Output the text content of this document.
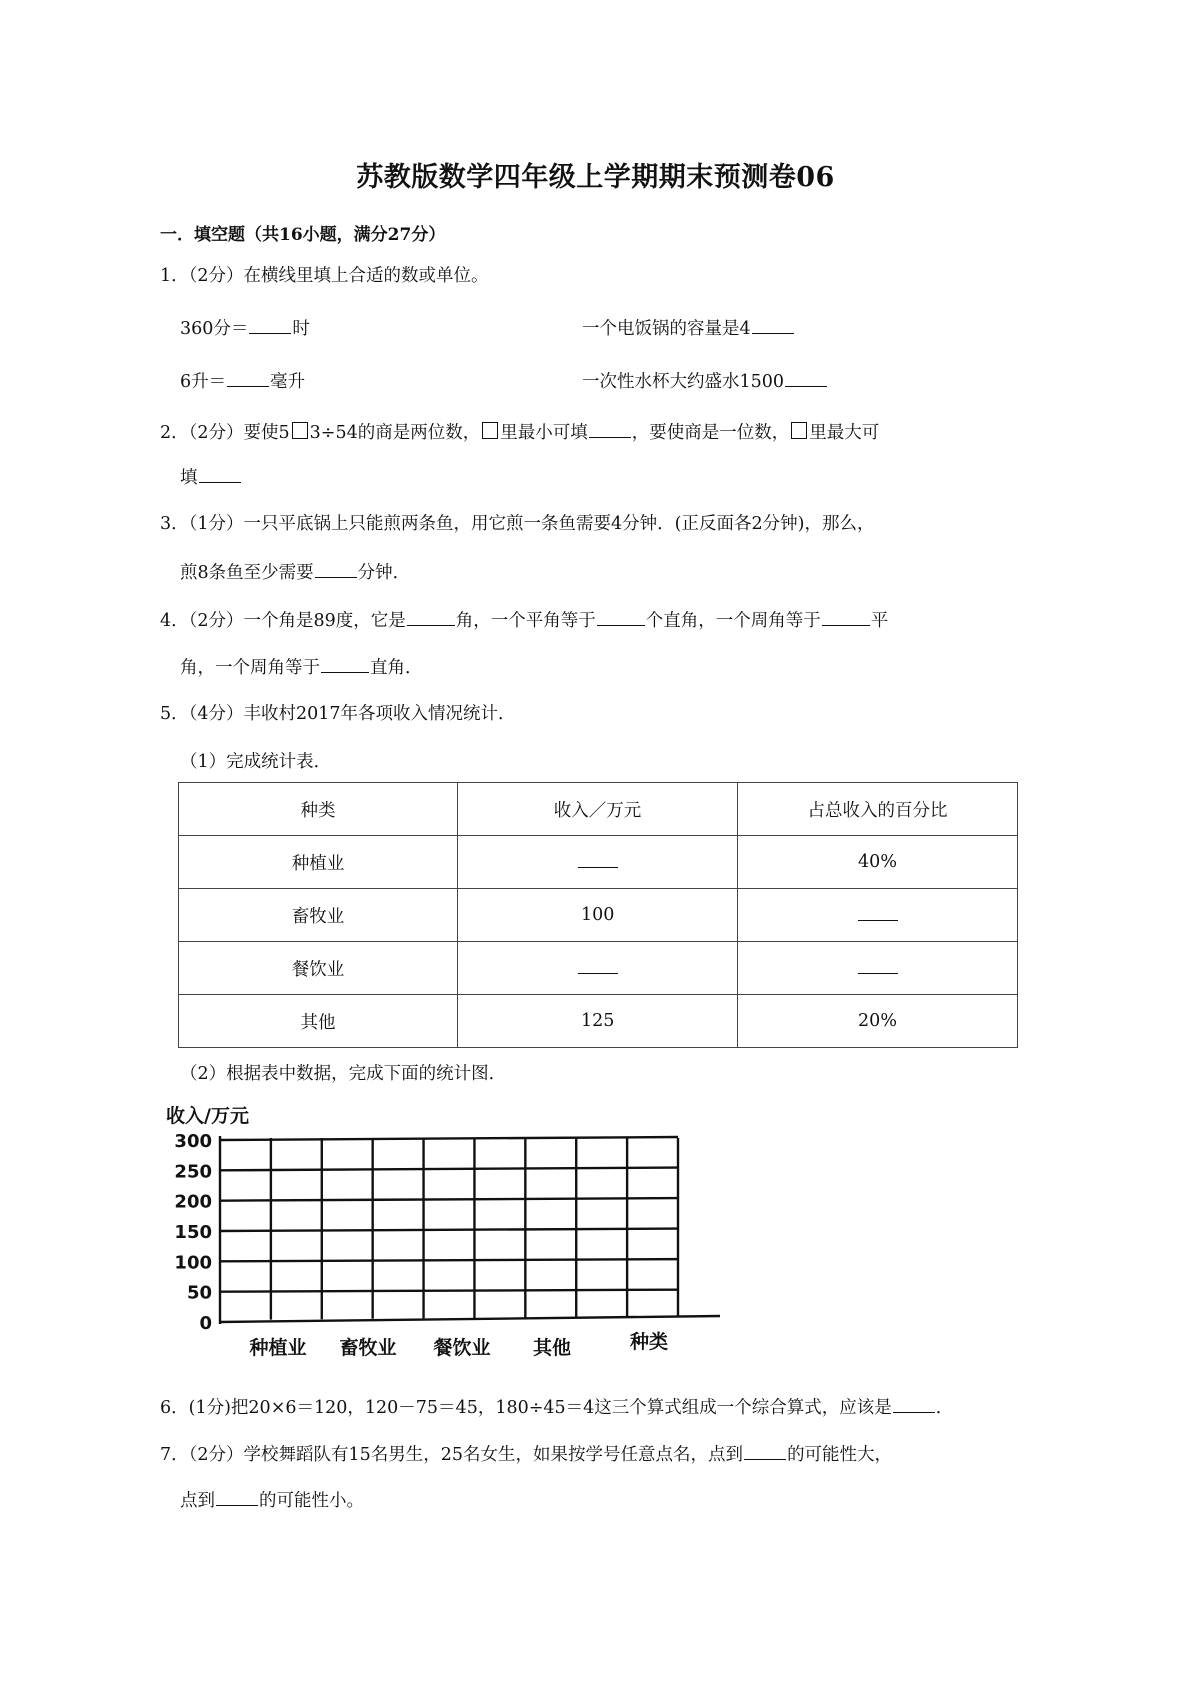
苏教版数学四年级上学期期末预测卷06
一．填空题（共16小题，满分27分）
1．（2分）在横线里填上合适的数或单位。
360分＝	时	一个电饭锅的容量是4
6升＝	毫升	一次性水杯大约盛水1500
2．（2分）要使5 3÷54的商是两位数， 里最小可填	，要使商是一位数， 里最大可
填
3．（1分）一只平底锅上只能煎两条鱼，用它煎一条鱼需要4分钟．(正反面各2分钟)，那么，
煎8条鱼至少需要	分钟．
4．（2分）一个角是89度，它是	角，一个平角等于	个直角，一个周角等于	平
角，一个周角等于	直角．
5．（4分）丰收村2017年各项收入情况统计．
（1）完成统计表．
种类	收入／万元	占总收入的百分比
种植业		40%
畜牧业	100	
餐饮业		
其他	125	20%
（2）根据表中数据，完成下面的统计图．
收入/万元
300
250
200
150
100
50
0
种植业 畜牧业 餐饮业 其他	种类
6．(1分)把20×6＝120，120－75＝45，180÷45＝4这三个算式组成一个综合算式，应该是	．
7．（2分）学校舞蹈队有15名男生，25名女生，如果按学号任意点名，点到	的可能性大，
点到	的可能性小。
